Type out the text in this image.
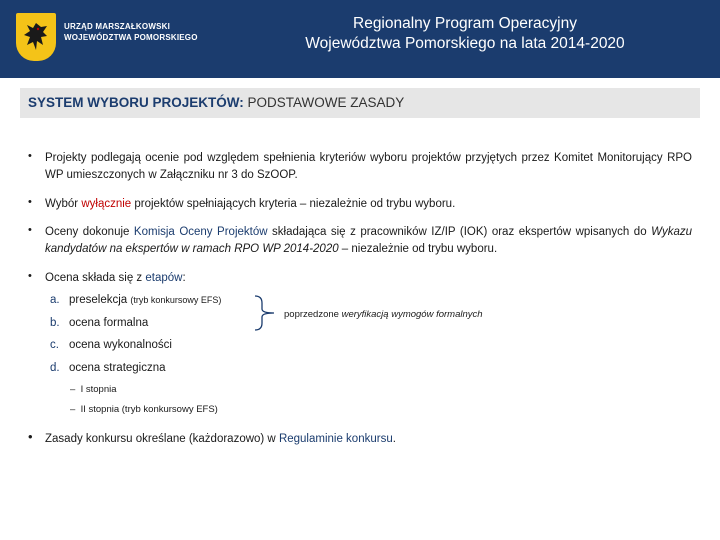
URZĄD MARSZAŁKOWSKI
WOJEWÓDZTWA POMORSKIEGO
Regionalny Program Operacyjny
Województwa Pomorskiego na lata 2014-2020
SYSTEM WYBORU PROJEKTÓW: PODSTAWOWE ZASADY
• Projekty podlegają ocenie pod względem spełnienia kryteriów wyboru projektów przyjętych przez Komitet Monitorujący RPO WP umieszczonych w Załączniku nr 3 do SzOOP.
• Wybór wyłącznie projektów spełniających kryteria – niezależnie od trybu wyboru.
• Oceny dokonuje Komisja Oceny Projektów składająca się z pracowników IZ/IP (IOK) oraz ekspertów wpisanych do Wykazu kandydatów na ekspertów w ramach RPO WP 2014-2020 – niezależnie od trybu wyboru.
• Ocena składa się z etapów:
a. preselekcja (tryb konkursowy EFS)
b. ocena formalna
c. ocena wykonalności
d. ocena strategiczna
– I stopnia
– II stopnia (tryb konkursowy EFS)
• Zasady konkursu określane (każdorazowo) w Regulaminie konkursu.
poprzedzone weryfikacją wymogów formalnych
